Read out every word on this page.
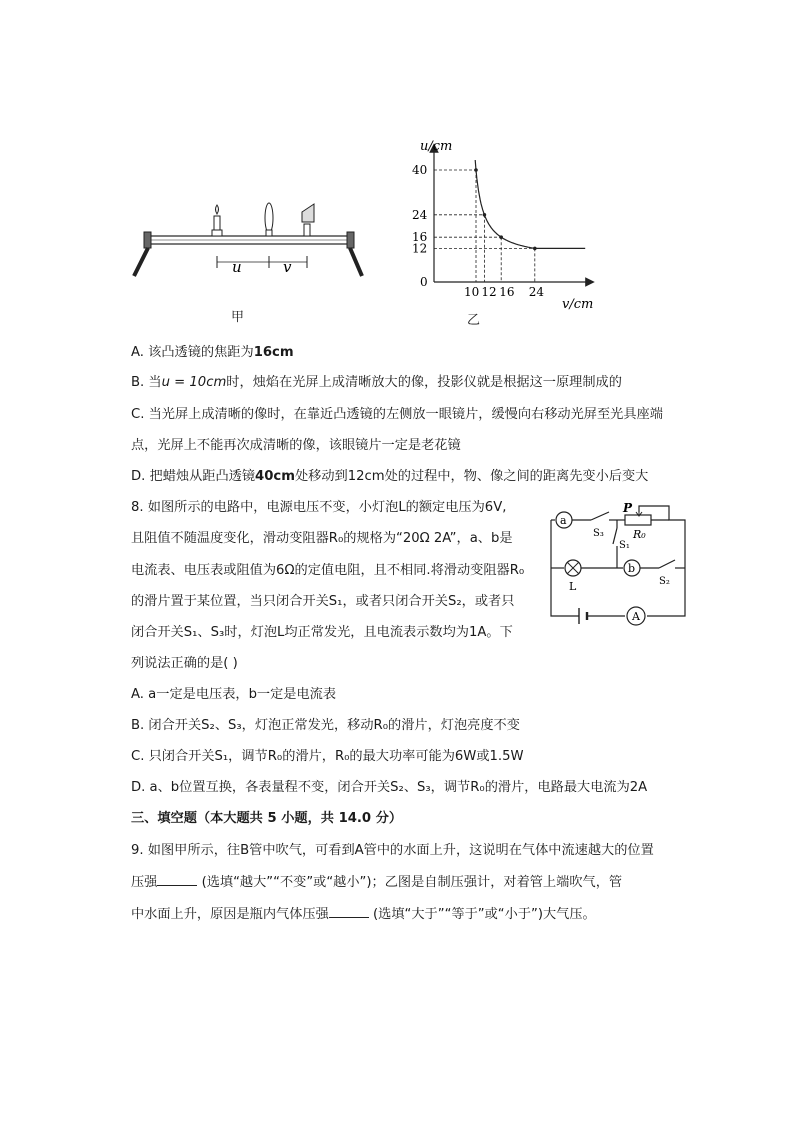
u	v
甲
u/cm
v/cm
0
40
24
16
12
10 12 16 24
乙
A. 该凸透镜的焦距为16cm
B. 当u = 10cm时，烛焰在光屏上成清晰放大的像，投影仪就是根据这一原理制成的
C. 当光屏上成清晰的像时，在靠近凸透镜的左侧放一眼镜片，缓慢向右移动光屏至光具座端
点，光屏上不能再次成清晰的像，该眼镜片一定是老花镜
D. 把蜡烛从距凸透镜40cm处移动到12cm处的过程中，物、像之间的距离先变小后变大
8. 如图所示的电路中，电源电压不变，小灯泡L的额定电压为6V,
且阻值不随温度变化，滑动变阻器R₀的规格为“20Ω 2A”，a、b是
电流表、电压表或阻值为6Ω的定值电阻，且不相同.将滑动变阻器R₀
的滑片置于某位置，当只闭合开关S₁，或者只闭合开关S₂，或者只
闭合开关S₁、S₃时，灯泡L均正常发光，且电流表示数均为1A。下
列说法正确的是( )
a
S₃
P
R₀
S₁
L
b
S₂
A
A. a一定是电压表，b一定是电流表
B. 闭合开关S₂、S₃，灯泡正常发光，移动R₀的滑片，灯泡亮度不变
C. 只闭合开关S₁，调节R₀的滑片，R₀的最大功率可能为6W或1.5W
D. a、b位置互换，各表量程不变，闭合开关S₂、S₃，调节R₀的滑片，电路最大电流为2A
三、填空题（本大题共 5 小题，共 14.0 分）
9. 如图甲所示，往B管中吹气，可看到A管中的水面上升，这说明在气体中流速越大的位置
压强	(选填“越大”“不变”或“越小”)；乙图是自制压强计，对着管上端吹气，管
中水面上升，原因是瓶内气体压强	(选填“大于”“等于”或“小于”)大气压。
